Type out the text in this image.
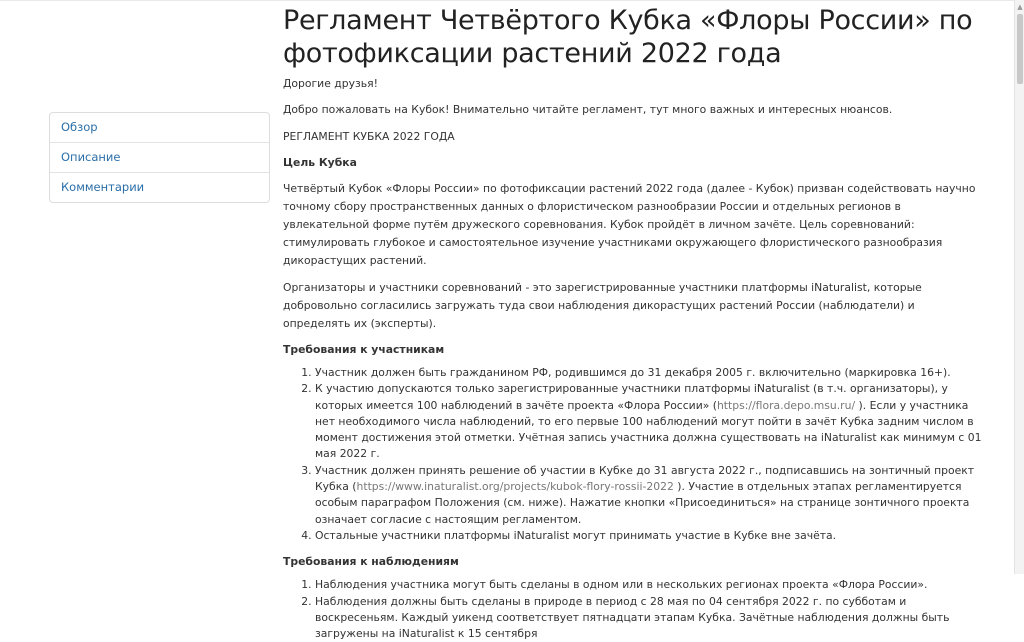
Обзор
Описание
Комментарии
Регламент Четвёртого Кубка «Флоры России» по фотофиксации растений 2022 года

Дорогие друзья!

Добро пожаловать на Кубок! Внимательно читайте регламент, тут много важных и интересных нюансов.

РЕГЛАМЕНТ КУБКА 2022 ГОДА

Цель Кубка

Четвёртый Кубок «Флоры России» по фотофиксации растений 2022 года (далее - Кубок) призван содействовать научно точному сбору пространственных данных о флористическом разнообразии России и отдельных регионов в увлекательной форме путём дружеского соревнования. Кубок пройдёт в личном зачёте. Цель соревнований: стимулировать глубокое и самостоятельное изучение участниками окружающего флористического разнообразия дикорастущих растений.

Организаторы и участники соревнований - это зарегистрированные участники платформы iNaturalist, которые добровольно согласились загружать туда свои наблюдения дикорастущих растений России (наблюдатели) и определять их (эксперты).

Требования к участникам

1. Участник должен быть гражданином РФ, родившимся до 31 декабря 2005 г. включительно (маркировка 16+).
2. К участию допускаются только зарегистрированные участники платформы iNaturalist (в т.ч. организаторы), у которых имеется 100 наблюдений в зачёте проекта «Флора России» (https://flora.depo.msu.ru/ ). Если у участника нет необходимого числа наблюдений, то его первые 100 наблюдений могут пойти в зачёт Кубка задним числом в момент достижения этой отметки. Учётная запись участника должна существовать на iNaturalist как минимум с 01 мая 2022 г.
3. Участник должен принять решение об участии в Кубке до 31 августа 2022 г., подписавшись на зонтичный проект Кубка (https://www.inaturalist.org/projects/kubok-flory-rossii-2022 ). Участие в отдельных этапах регламентируется особым параграфом Положения (см. ниже). Нажатие кнопки «Присоединиться» на странице зонтичного проекта означает согласие с настоящим регламентом.
4. Остальные участники платформы iNaturalist могут принимать участие в Кубке вне зачёта.

Требования к наблюдениям

1. Наблюдения участника могут быть сделаны в одном или в нескольких регионах проекта «Флора России».
2. Наблюдения должны быть сделаны в природе в период с 28 мая по 04 сентября 2022 г. по субботам и воскресеньям. Каждый уикенд соответствует пятнадцати этапам Кубка. Зачётные наблюдения должны быть загружены на iNaturalist к 15 сентября
▲
